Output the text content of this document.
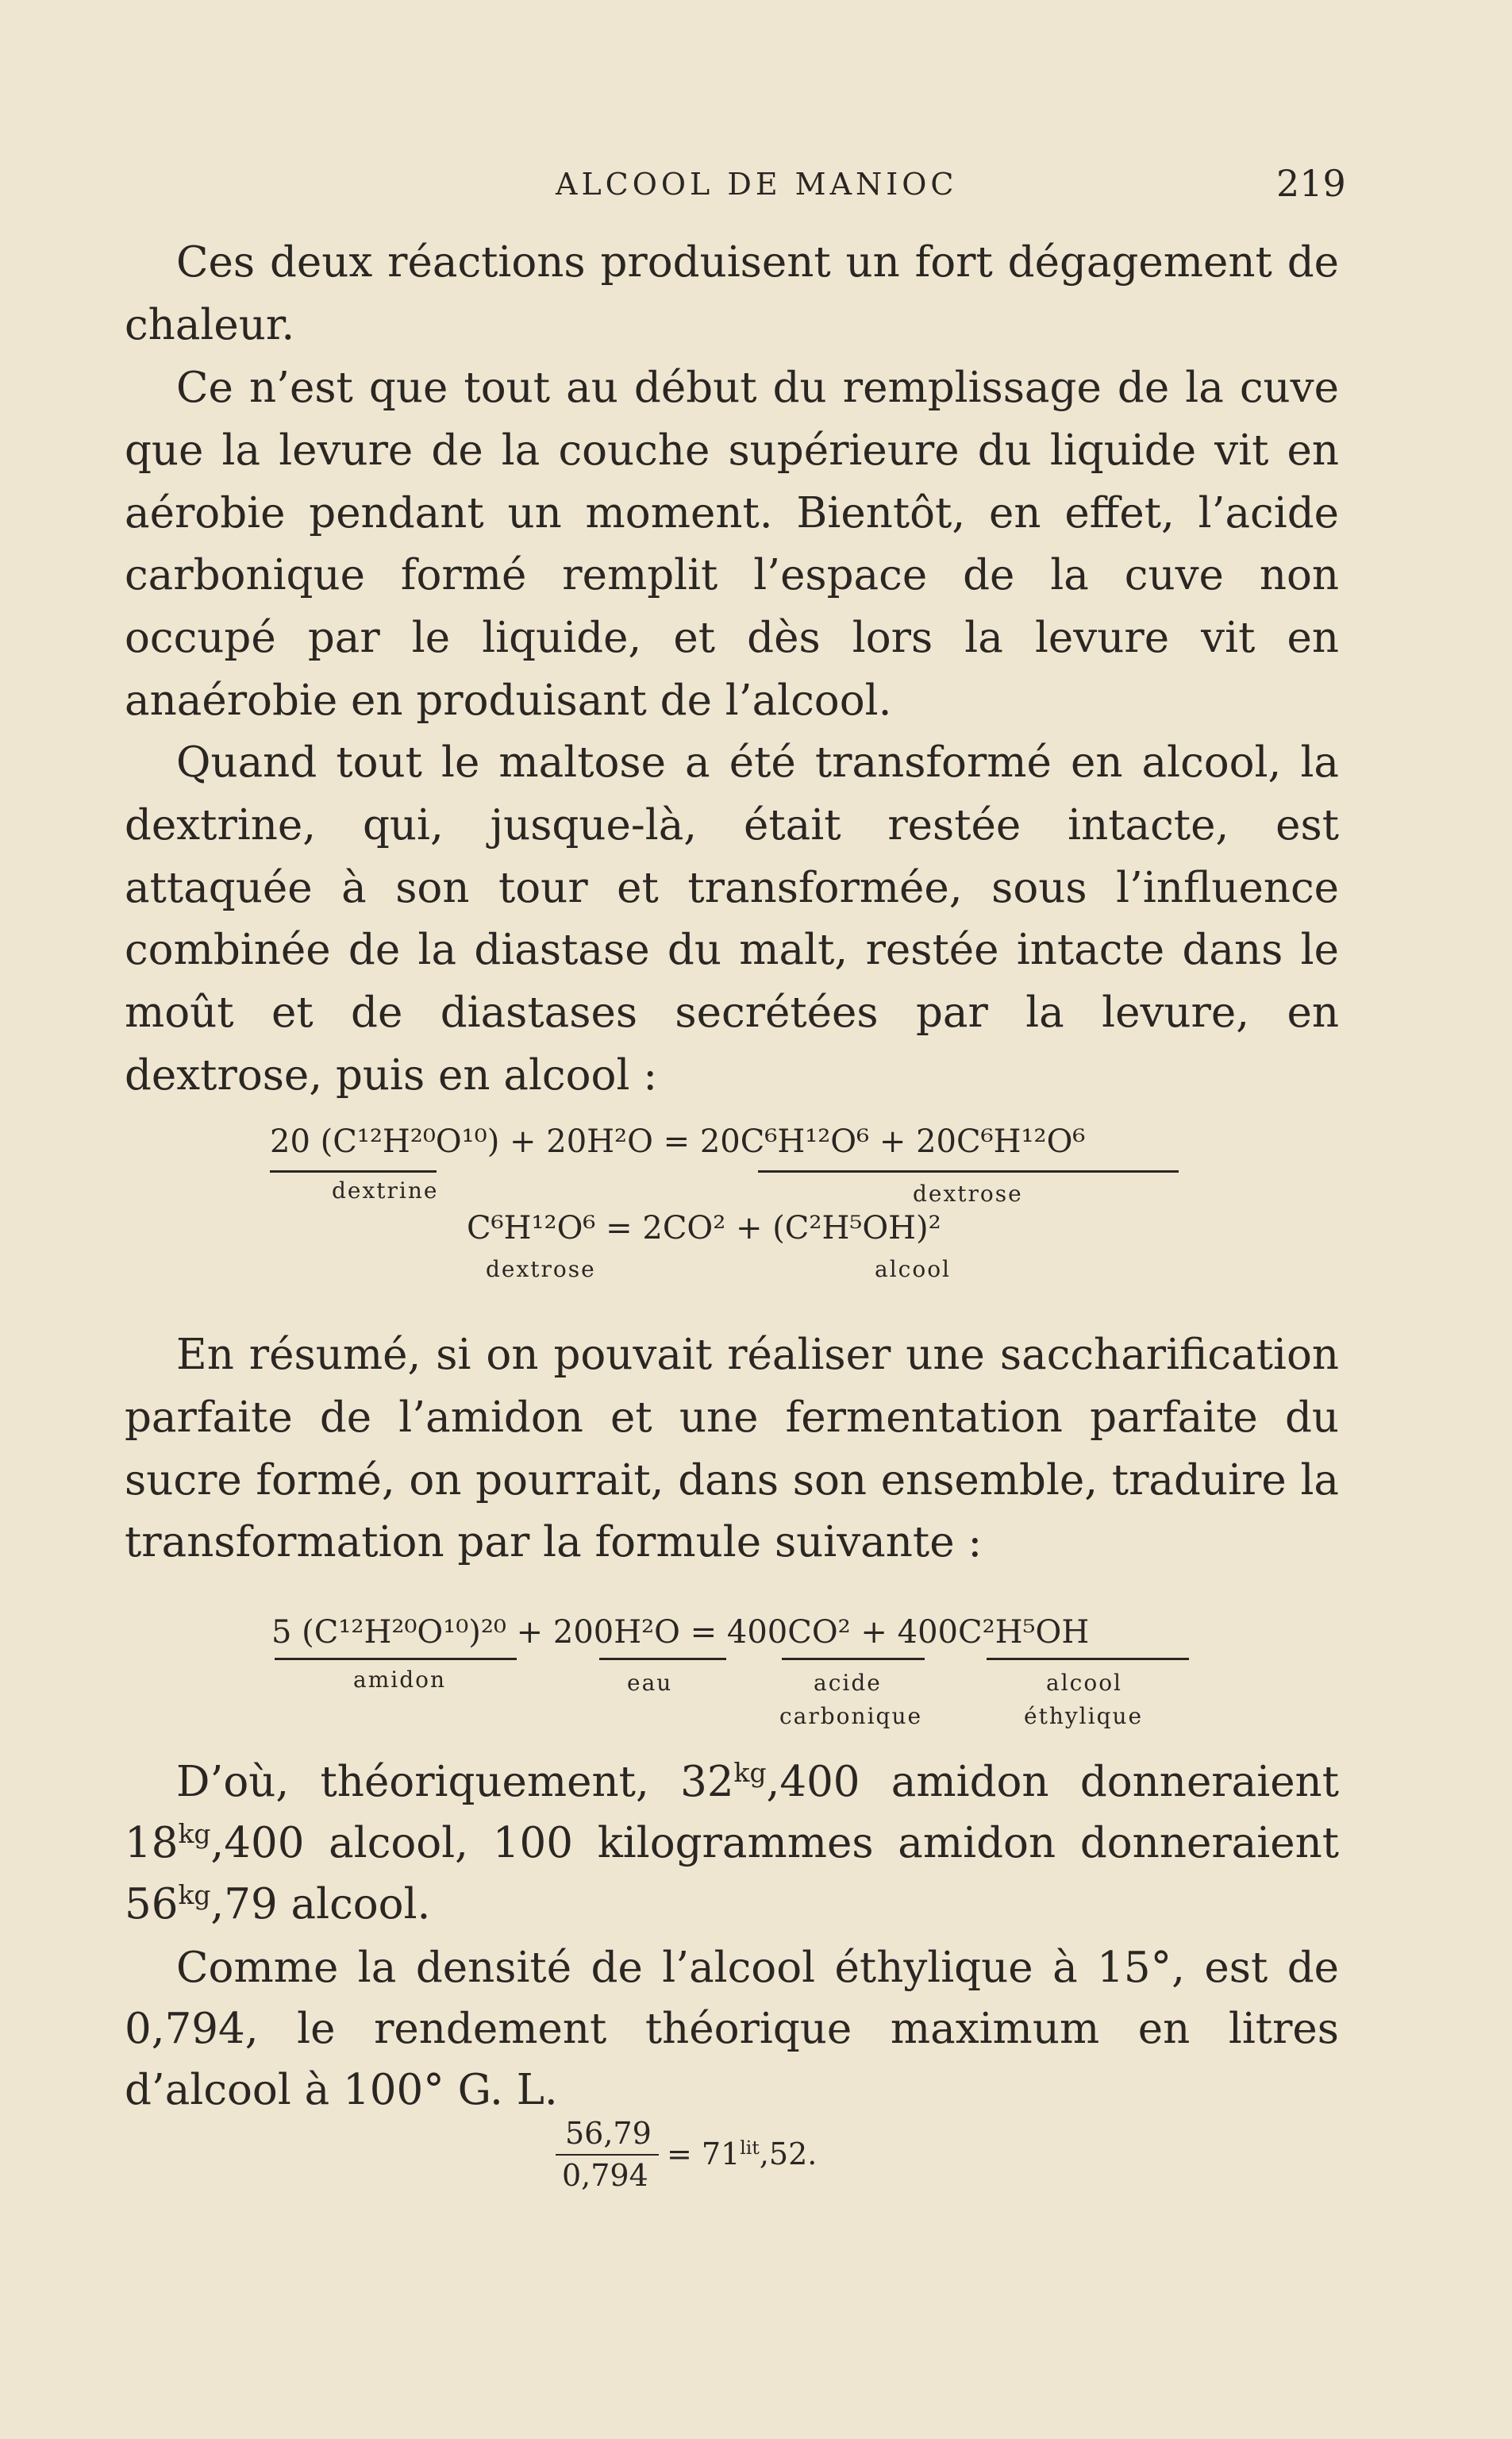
ALCOOL DE MANIOC	219

Ces deux réactions produisent un fort dégagement de chaleur.

Ce n’est que tout au début du remplissage de la cuve que la levure de la couche supérieure du liquide vit en aérobie pendant un moment. Bientôt, en effet, l’acide carbonique formé remplit l’espace de la cuve non occupé par le liquide, et dès lors la levure vit en anaérobie en produisant de l’alcool.

Quand tout le maltose a été transformé en alcool, la dextrine, qui, jusque-là, était restée intacte, est attaquée à son tour et transformée, sous l’influence combinée de la diastase du malt, restée intacte dans le moût et de diastases secrétées par la levure, en dextrose, puis en alcool :

20 (C¹²H²⁰O¹⁰) + 20H²O = 20C⁶H¹²O⁶ + 20C⁶H¹²O⁶
dextrine	dextrose
C⁶H¹²O⁶ = 2CO² + (C²H⁵OH)²
dextrose	alcool

En résumé, si on pouvait réaliser une saccharification parfaite de l’amidon et une fermentation parfaite du sucre formé, on pourrait, dans son ensemble, traduire la transformation par la formule suivante :

5 (C¹²H²⁰O¹⁰)²⁰ + 200H²O = 400CO² + 400C²H⁵OH
amidon	eau	acide
carbonique
alcool
éthylique

D’où, théoriquement, $32^{kg},400$ amidon donneraient $18^{kg},400$ alcool, 100 kilogrammes amidon donneraient $56^{kg},79$ alcool.

Comme la densité de l’alcool éthylique à 15°, est de 0,794, le rendement théorique maximum en litres d’alcool à 100° G. L.

56,79
0,794
= $71^{lit},52$.
